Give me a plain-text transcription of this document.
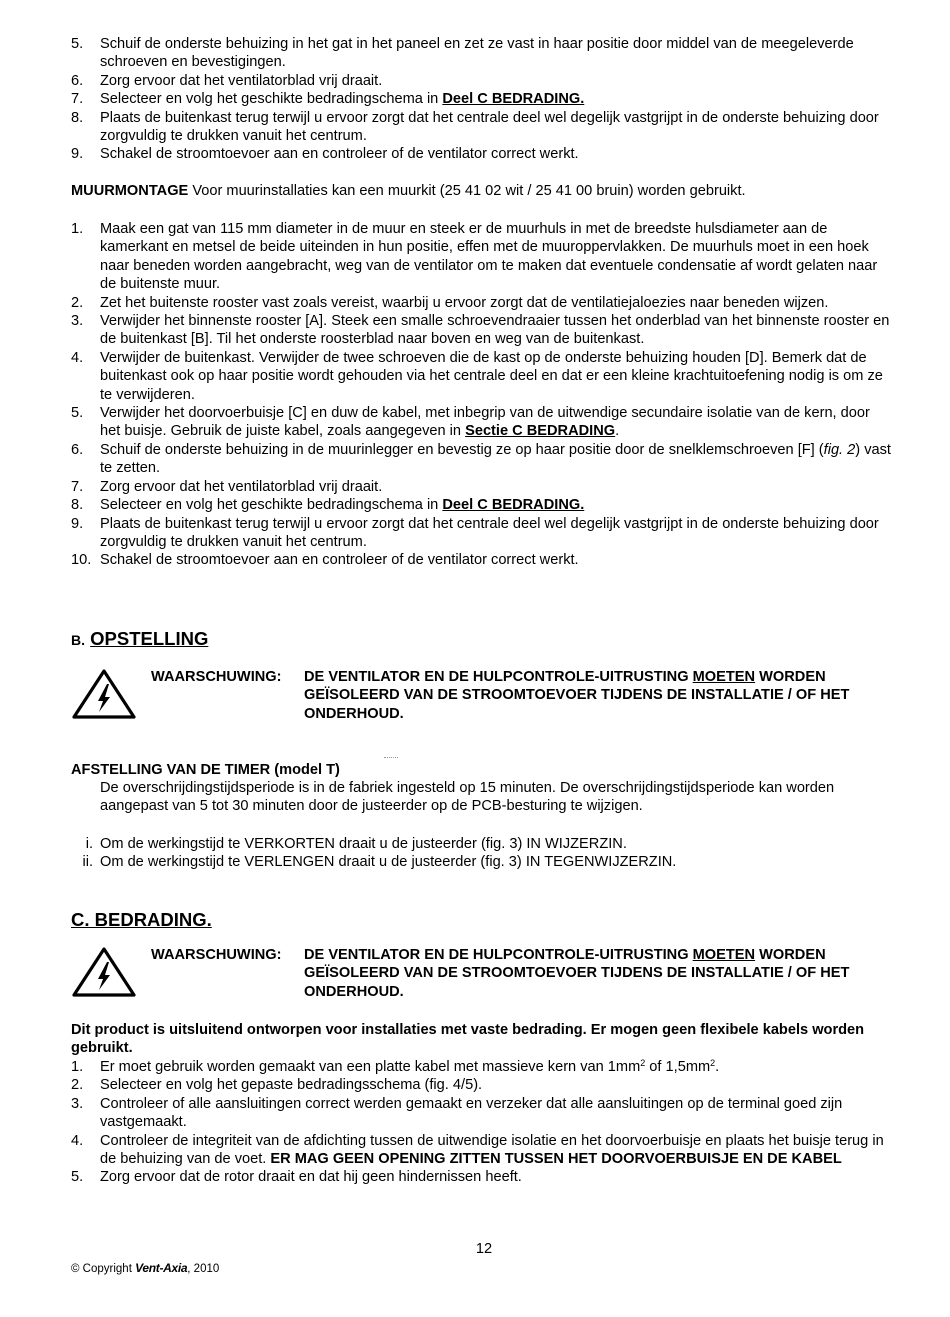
5.	Schuif de onderste behuizing in het gat in het paneel en zet ze vast in haar positie door middel van de meegeleverde schroeven en bevestigingen.
6.	Zorg ervoor dat het ventilatorblad vrij draait.
7.	Selecteer en volg het geschikte bedradingschema in Deel C BEDRADING.
8.	Plaats de buitenkast terug terwijl u ervoor zorgt dat het centrale deel wel degelijk vastgrijpt in de onderste behuizing door zorgvuldig te drukken vanuit het centrum.
9.	Schakel de stroomtoevoer aan en controleer of de ventilator correct werkt.
MUURMONTAGE Voor muurinstallaties kan een muurkit (25 41 02 wit / 25 41 00 bruin) worden gebruikt.
1.	Maak een gat van 115 mm diameter in de muur en steek er de muurhuls in met de breedste hulsdiameter aan de kamerkant en metsel de beide uiteinden in hun positie, effen met de muuroppervlakken. De muurhuls moet in een hoek naar beneden worden aangebracht, weg van de ventilator om te maken dat eventuele condensatie af wordt gelaten naar de buitenste muur.
2.	Zet het buitenste rooster vast zoals vereist, waarbij u ervoor zorgt dat de ventilatiejaloezies naar beneden wijzen.
3.	Verwijder het binnenste rooster [A]. Steek een smalle schroevendraaier tussen het onderblad van het binnenste rooster en de buitenkast [B]. Til het onderste roosterblad naar boven en weg van de buitenkast.
4.	Verwijder de buitenkast. Verwijder de twee schroeven die de kast op de onderste behuizing houden [D]. Bemerk dat de buitenkast ook op haar positie wordt gehouden via het centrale deel en dat er een kleine krachtuitoefening nodig is om ze te verwijderen.
5.	Verwijder het doorvoerbuisje [C] en duw de kabel, met inbegrip van de uitwendige secundaire isolatie van de kern, door het buisje. Gebruik de juiste kabel, zoals aangegeven in Sectie C BEDRADING.
6.	Schuif de onderste behuizing in de muurinlegger en bevestig ze op haar positie door de snelklemschroeven [F] (fig. 2) vast te zetten.
7.	Zorg ervoor dat het ventilatorblad vrij draait.
8.	Selecteer en volg het geschikte bedradingschema in Deel C BEDRADING.
9.	Plaats de buitenkast terug terwijl u ervoor zorgt dat het centrale deel wel degelijk vastgrijpt in de onderste behuizing door zorgvuldig te drukken vanuit het centrum.
10. Schakel de stroomtoevoer aan en controleer of de ventilator correct werkt.
B. OPSTELLING
WAARSCHUWING: DE VENTILATOR EN DE HULPCONTROLE-UITRUSTING MOETEN WORDEN GEÏSOLEERD VAN DE STROOMTOEVOER TIJDENS DE INSTALLATIE / OF HET ONDERHOUD.
AFSTELLING VAN DE TIMER (model T)
De overschrijdingstijdsperiode is in de fabriek ingesteld op 15 minuten. De overschrijdingstijdsperiode kan worden aangepast van 5 tot 30 minuten door de justeerder op de PCB-besturing te wijzigen.
i. Om de werkingstijd te VERKORTEN draait u de justeerder (fig. 3) IN WIJZERZIN.
ii. Om de werkingstijd te VERLENGEN draait u de justeerder (fig. 3) IN TEGENWIJZERZIN.
C. BEDRADING.
WAARSCHUWING: DE VENTILATOR EN DE HULPCONTROLE-UITRUSTING MOETEN WORDEN GEÏSOLEERD VAN DE STROOMTOEVOER TIJDENS DE INSTALLATIE / OF HET ONDERHOUD.
Dit product is uitsluitend ontworpen voor installaties met vaste bedrading. Er mogen geen flexibele kabels worden gebruikt.
1.	Er moet gebruik worden gemaakt van een platte kabel met massieve kern van $1mm^2$ of $1,5mm^2$.
2.	Selecteer en volg het gepaste bedradingsschema (fig. 4/5).
3.	Controleer of alle aansluitingen correct werden gemaakt en verzeker dat alle aansluitingen op de terminal goed zijn vastgemaakt.
4.	Controleer de integriteit van de afdichting tussen de uitwendige isolatie en het doorvoerbuisje en plaats het buisje terug in de behuizing van de voet. ER MAG GEEN OPENING ZITTEN TUSSEN HET DOORVOERBUISJE EN DE KABEL
5.	Zorg ervoor dat de rotor draait en dat hij geen hindernissen heeft.
12
© Copyright Vent-Axia, 2010
